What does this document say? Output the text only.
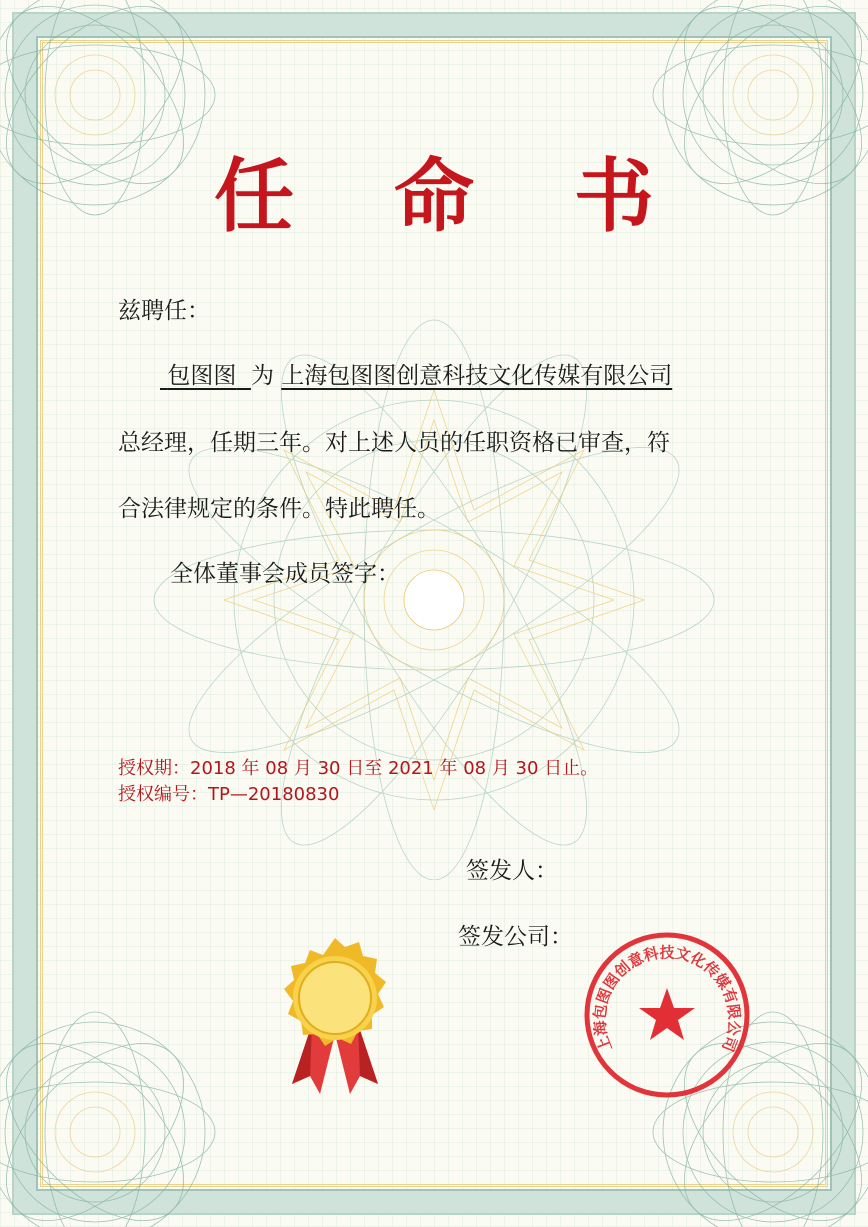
任 命 书
兹聘任：
包图图 为 上海包图图创意科技文化传媒有限公司
总经理，任期三年。对上述人员的任职资格已审查，符
合法律规定的条件。特此聘任。
全体董事会成员签字：
授权期：2018 年 08 月 30 日至 2021 年 08 月 30 日止。
授权编号：TP—20180830
签发人：
签发公司：
上海包图图创意科技文化传媒有限公司
